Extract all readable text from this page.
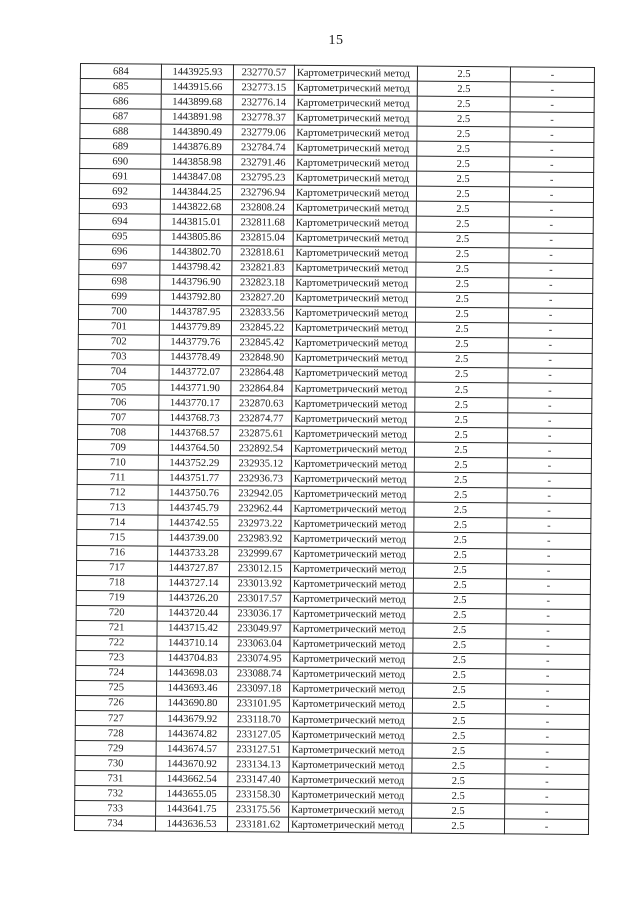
15
684	1443925.93	232770.57	Картометрический метод	2.5	-
685	1443915.66	232773.15	Картометрический метод	2.5	-
686	1443899.68	232776.14	Картометрический метод	2.5	-
687	1443891.98	232778.37	Картометрический метод	2.5	-
688	1443890.49	232779.06	Картометрический метод	2.5	-
689	1443876.89	232784.74	Картометрический метод	2.5	-
690	1443858.98	232791.46	Картометрический метод	2.5	-
691	1443847.08	232795.23	Картометрический метод	2.5	-
692	1443844.25	232796.94	Картометрический метод	2.5	-
693	1443822.68	232808.24	Картометрический метод	2.5	-
694	1443815.01	232811.68	Картометрический метод	2.5	-
695	1443805.86	232815.04	Картометрический метод	2.5	-
696	1443802.70	232818.61	Картометрический метод	2.5	-
697	1443798.42	232821.83	Картометрический метод	2.5	-
698	1443796.90	232823.18	Картометрический метод	2.5	-
699	1443792.80	232827.20	Картометрический метод	2.5	-
700	1443787.95	232833.56	Картометрический метод	2.5	-
701	1443779.89	232845.22	Картометрический метод	2.5	-
702	1443779.76	232845.42	Картометрический метод	2.5	-
703	1443778.49	232848.90	Картометрический метод	2.5	-
704	1443772.07	232864.48	Картометрический метод	2.5	-
705	1443771.90	232864.84	Картометрический метод	2.5	-
706	1443770.17	232870.63	Картометрический метод	2.5	-
707	1443768.73	232874.77	Картометрический метод	2.5	-
708	1443768.57	232875.61	Картометрический метод	2.5	-
709	1443764.50	232892.54	Картометрический метод	2.5	-
710	1443752.29	232935.12	Картометрический метод	2.5	-
711	1443751.77	232936.73	Картометрический метод	2.5	-
712	1443750.76	232942.05	Картометрический метод	2.5	-
713	1443745.79	232962.44	Картометрический метод	2.5	-
714	1443742.55	232973.22	Картометрический метод	2.5	-
715	1443739.00	232983.92	Картометрический метод	2.5	-
716	1443733.28	232999.67	Картометрический метод	2.5	-
717	1443727.87	233012.15	Картометрический метод	2.5	-
718	1443727.14	233013.92	Картометрический метод	2.5	-
719	1443726.20	233017.57	Картометрический метод	2.5	-
720	1443720.44	233036.17	Картометрический метод	2.5	-
721	1443715.42	233049.97	Картометрический метод	2.5	-
722	1443710.14	233063.04	Картометрический метод	2.5	-
723	1443704.83	233074.95	Картометрический метод	2.5	-
724	1443698.03	233088.74	Картометрический метод	2.5	-
725	1443693.46	233097.18	Картометрический метод	2.5	-
726	1443690.80	233101.95	Картометрический метод	2.5	-
727	1443679.92	233118.70	Картометрический метод	2.5	-
728	1443674.82	233127.05	Картометрический метод	2.5	-
729	1443674.57	233127.51	Картометрический метод	2.5	-
730	1443670.92	233134.13	Картометрический метод	2.5	-
731	1443662.54	233147.40	Картометрический метод	2.5	-
732	1443655.05	233158.30	Картометрический метод	2.5	-
733	1443641.75	233175.56	Картометрический метод	2.5	-
734	1443636.53	233181.62	Картометрический метод	2.5	-
